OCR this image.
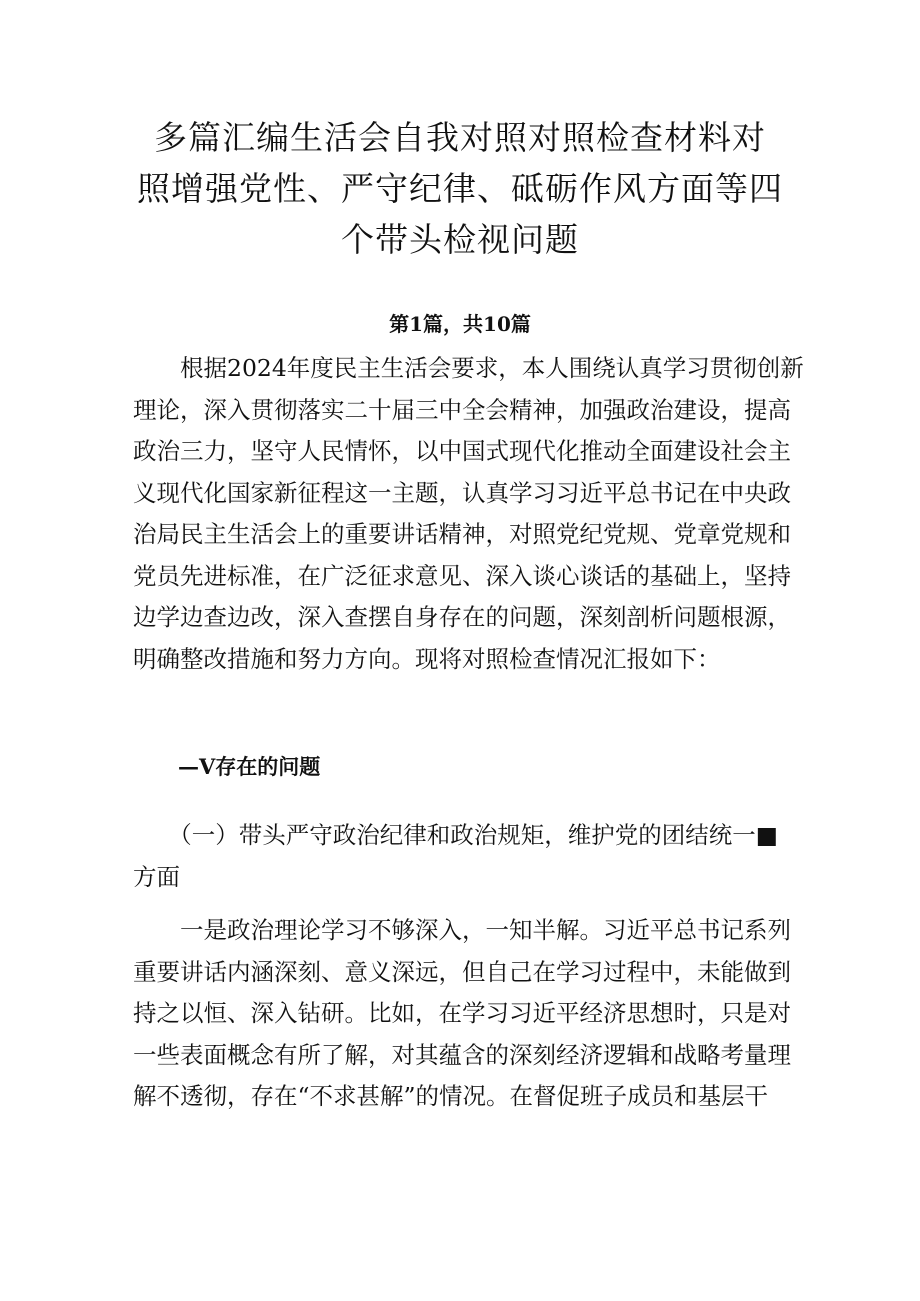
多篇汇编生活会自我对照对照检查材料对
照增强党性、严守纪律、砥砺作风方面等四
个带头检视问题

第1篇，共10篇

　　根据2024年度民主生活会要求，本人围绕认真学习贯彻创新
理论，深入贯彻落实二十届三中全会精神，加强政治建设，提高
政治三力，坚守人民情怀，以中国式现代化推动全面建设社会主
义现代化国家新征程这一主题，认真学习习近平总书记在中央政
治局民主生活会上的重要讲话精神，对照党纪党规、党章党规和
党员先进标准，在广泛征求意见、深入谈心谈话的基础上，坚持
边学边查边改，深入查摆自身存在的问题，深刻剖析问题根源，
明确整改措施和努力方向。现将对照检查情况汇报如下：

—V存在的问题

　　（一）带头严守政治纪律和政治规矩，维护党的团结统一■
方面

　　一是政治理论学习不够深入，一知半解。习近平总书记系列
重要讲话内涵深刻、意义深远，但自己在学习过程中，未能做到
持之以恒、深入钻研。比如，在学习习近平经济思想时，只是对
一些表面概念有所了解，对其蕴含的深刻经济逻辑和战略考量理
解不透彻，存在“不求甚解”的情况。在督促班子成员和基层干
